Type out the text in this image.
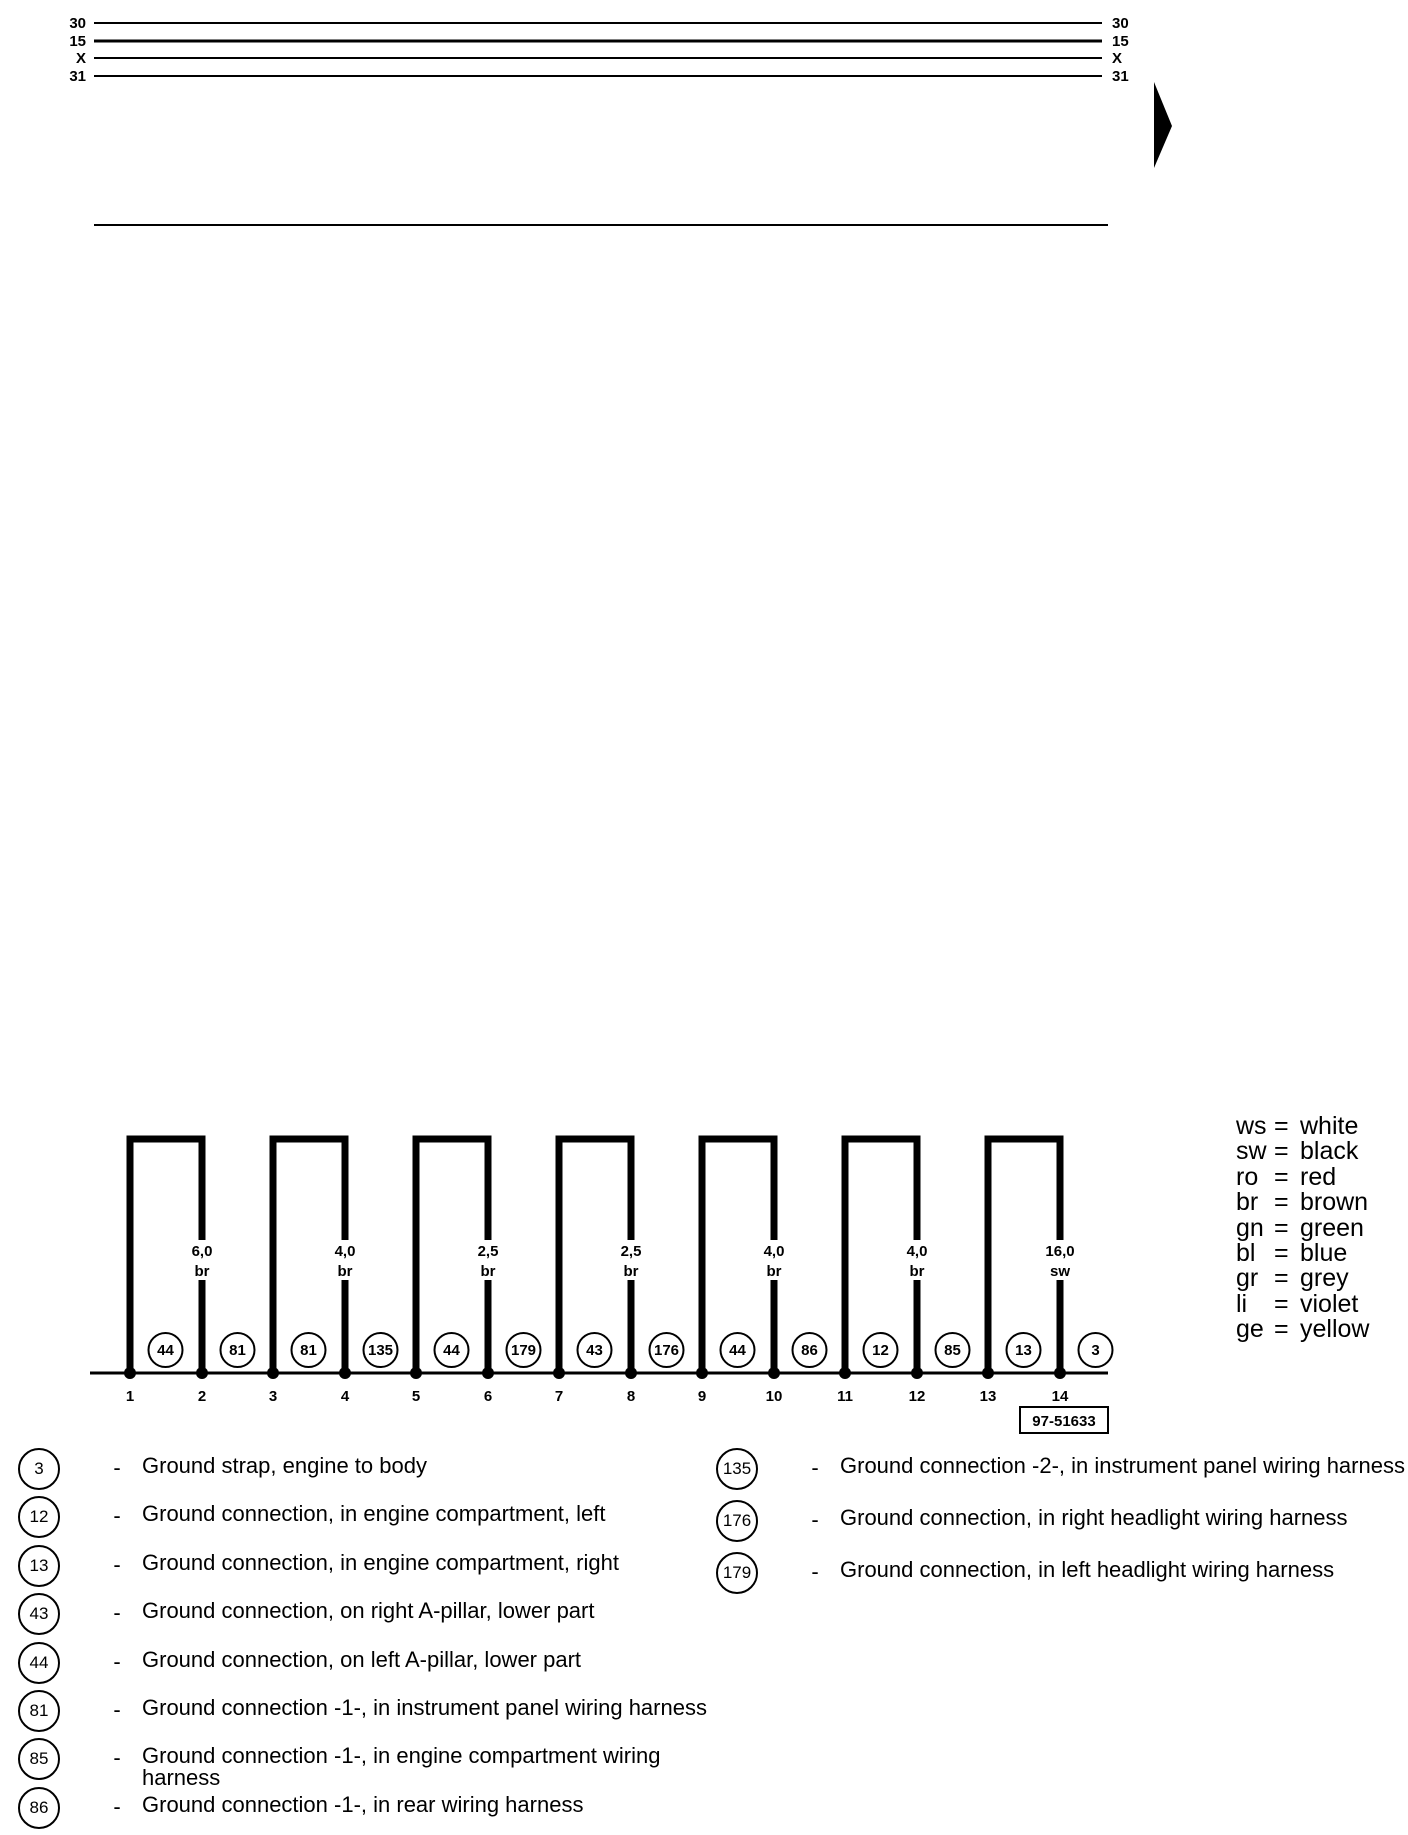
30
15
X
31
30
15
X
31
1	2	3	4	5	6	7	8	9	10	11	12	13	14
6,0
br
4,0
br
2,5
br
2,5
br
4,0
br
4,0
br
16,0
sw
44	81	81	135	44	179	43	176	44	86	12	85	13	3
97-51633
ws = white
sw = black
ro = red
br = brown
gn = green
bl = blue
gr = grey
li	= violet
ge = yellow
3	- Ground strap, engine to body
12	- Ground connection, in engine compartment, left
13	- Ground connection, in engine compartment, right
43	- Ground connection, on right A-pillar, lower part
44	- Ground connection, on left A-pillar, lower part
81	- Ground connection -1-, in instrument panel wiring harness
85	- Ground connection -1-, in engine compartment wiring harness
86	- Ground connection -1-, in rear wiring harness
135	- Ground connection -2-, in instrument panel wiring harness
176	- Ground connection, in right headlight wiring harness
179	- Ground connection, in left headlight wiring harness
